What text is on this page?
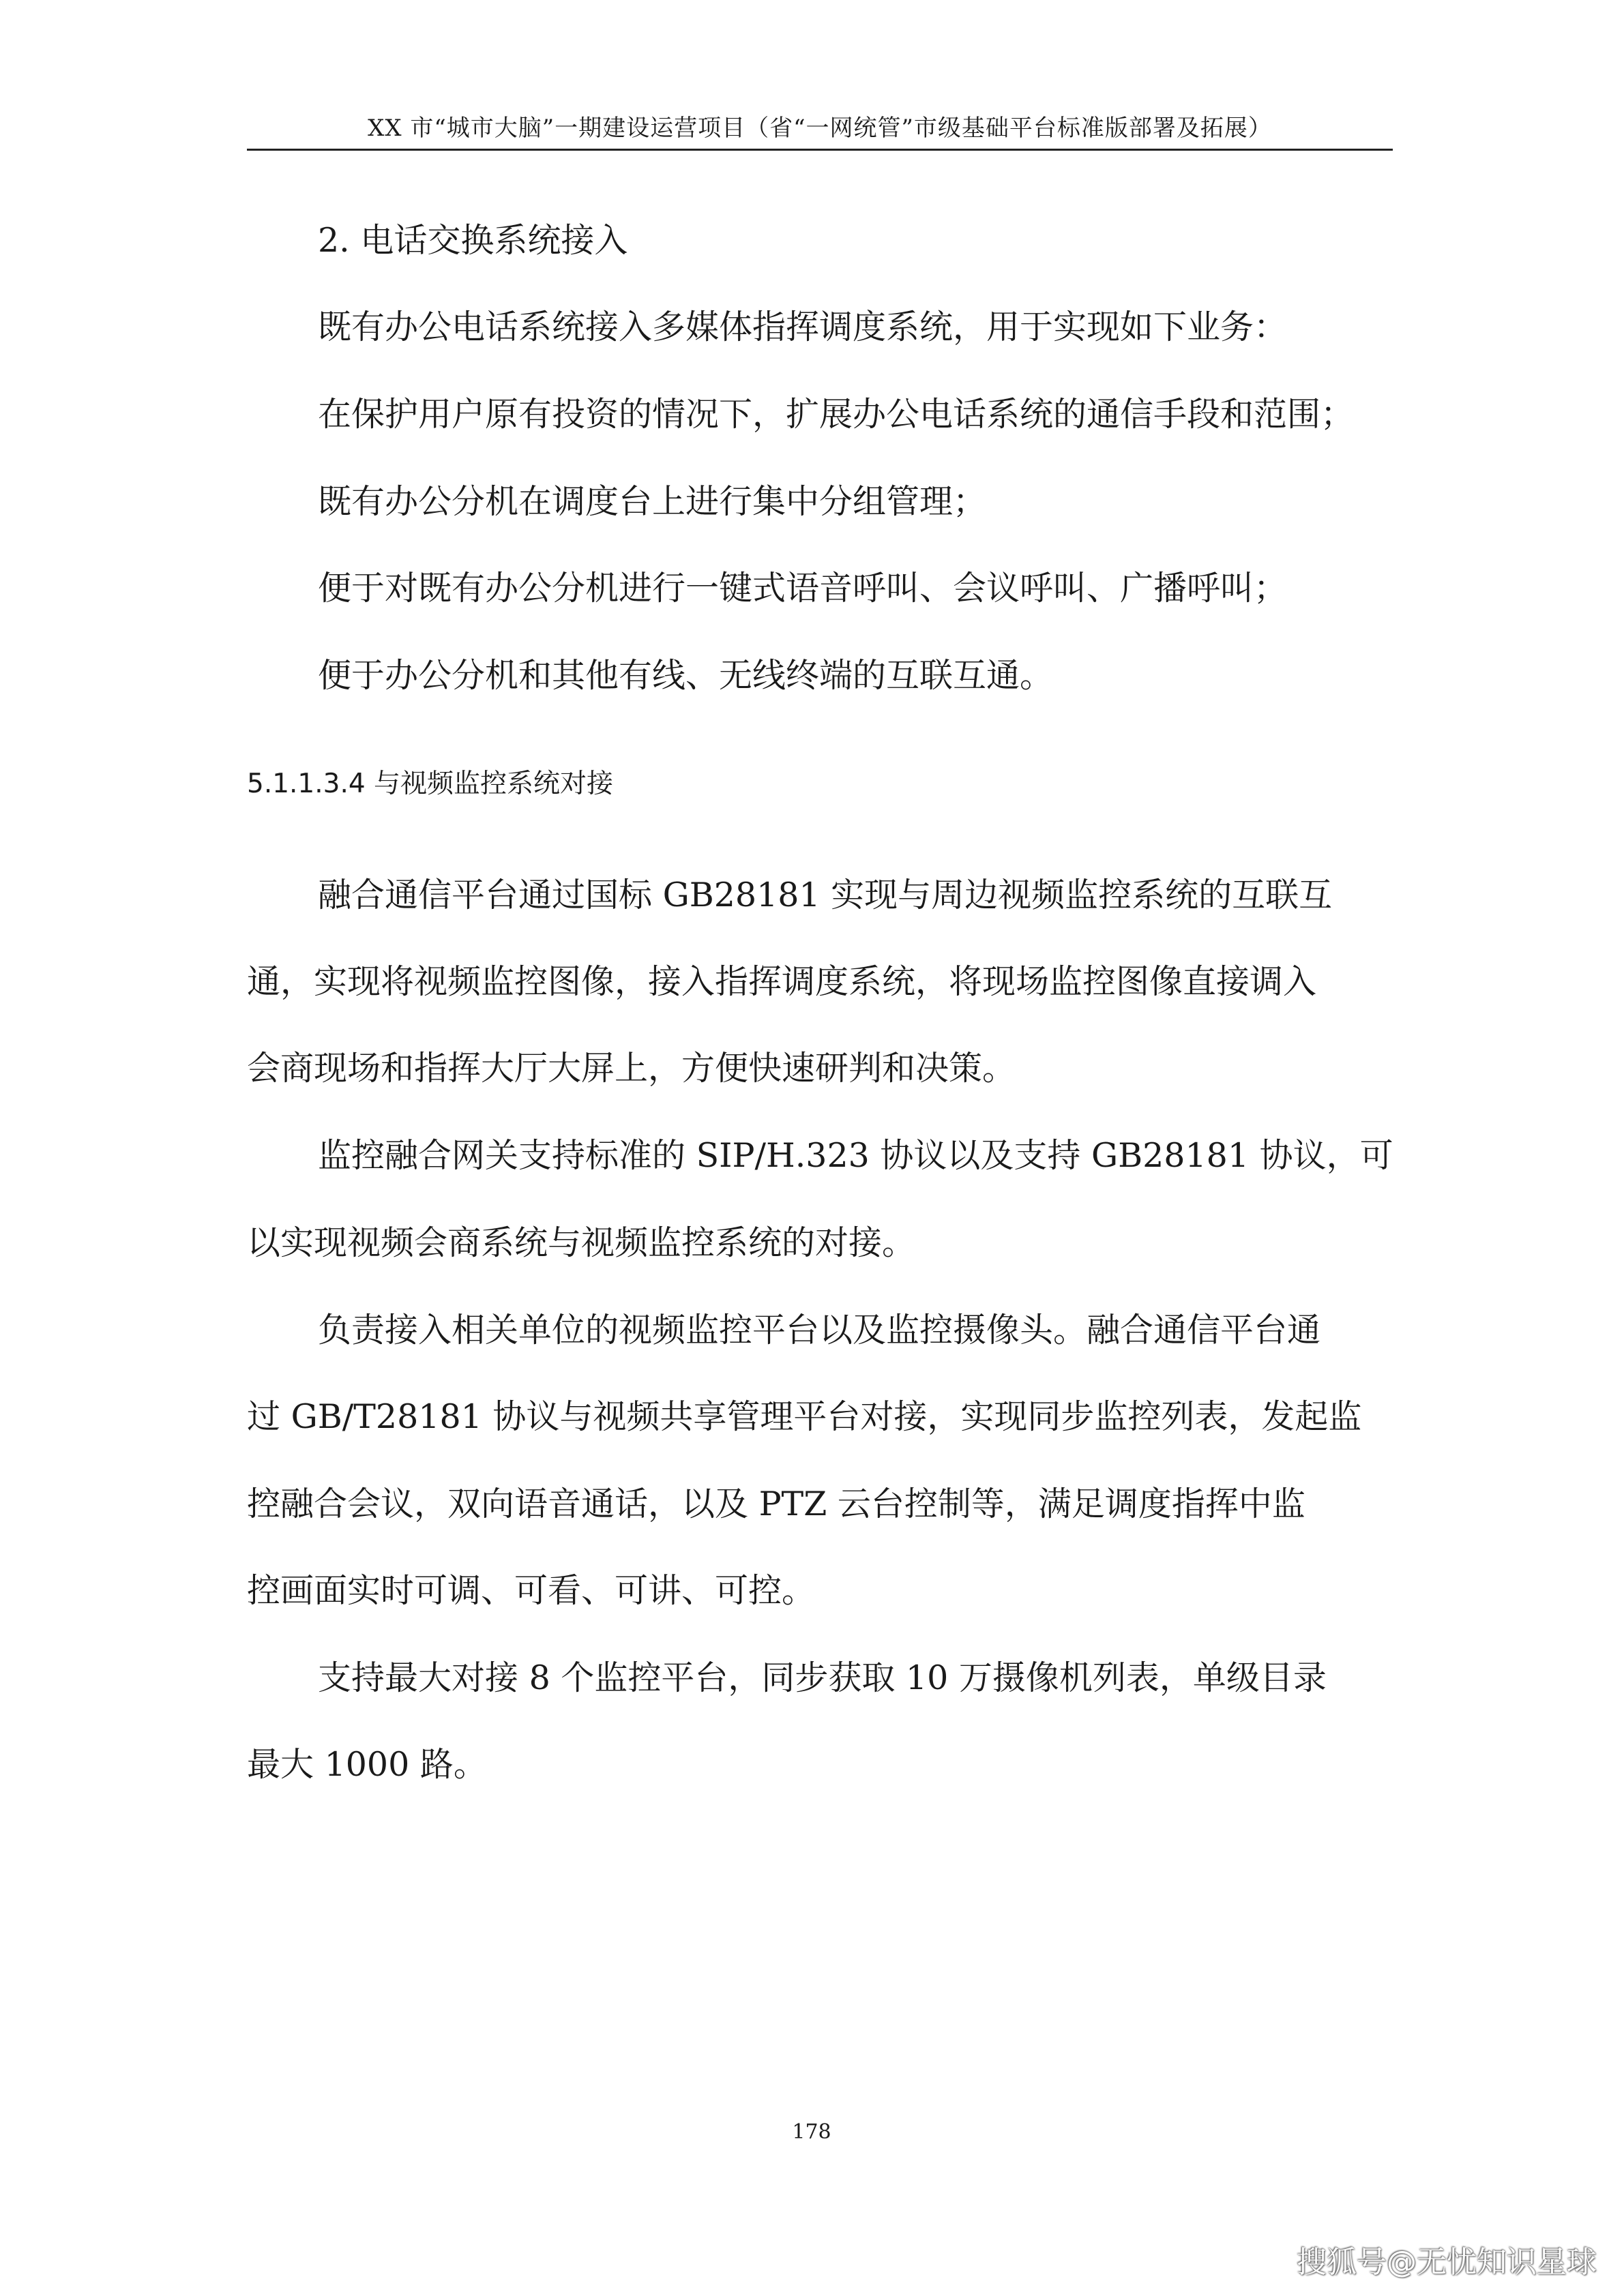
XX 市“城市大脑”一期建设运营项目（省“一网统管”市级基础平台标准版部署及拓展）
2. 电话交换系统接入
既有办公电话系统接入多媒体指挥调度系统，用于实现如下业务：
在保护用户原有投资的情况下，扩展办公电话系统的通信手段和范围；
既有办公分机在调度台上进行集中分组管理；
便于对既有办公分机进行一键式语音呼叫、会议呼叫、广播呼叫；
便于办公分机和其他有线、无线终端的互联互通。
5.1.1.3.4 与视频监控系统对接
融合通信平台通过国标 GB28181 实现与周边视频监控系统的互联互
通，实现将视频监控图像，接入指挥调度系统，将现场监控图像直接调入
会商现场和指挥大厅大屏上，方便快速研判和决策。
监控融合网关支持标准的 SIP/H.323 协议以及支持 GB28181 协议，可
以实现视频会商系统与视频监控系统的对接。
负责接入相关单位的视频监控平台以及监控摄像头。融合通信平台通
过 GB/T28181 协议与视频共享管理平台对接，实现同步监控列表，发起监
控融合会议，双向语音通话，以及 PTZ 云台控制等，满足调度指挥中监
控画面实时可调、可看、可讲、可控。
支持最大对接 8 个监控平台，同步获取 10 万摄像机列表，单级目录
最大 1000 路。
178
搜狐号@无忧知识星球
